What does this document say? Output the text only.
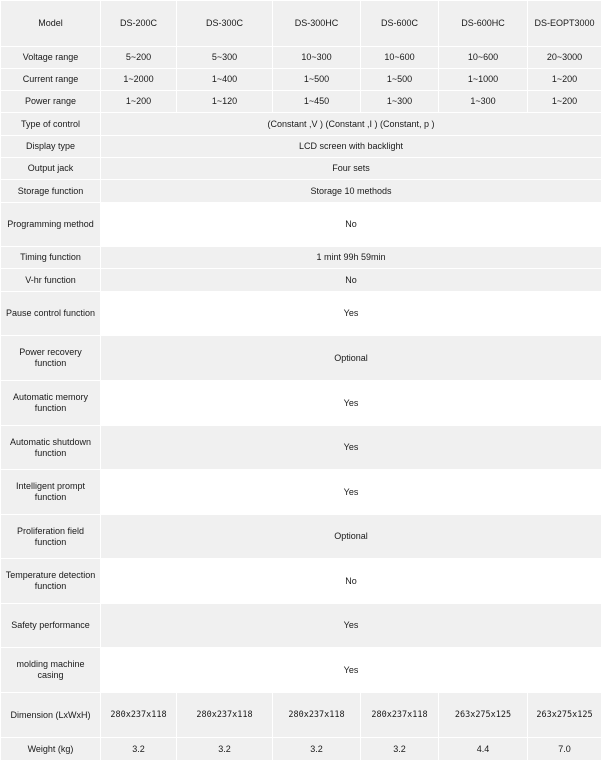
Model	DS-200C	DS-300C	DS-300HC	DS-600C	DS-600HC	DS-EOPT3000
Voltage range	5~200	5~300	10~300	10~600	10~600	20~3000
Current range	1~2000	1~400	1~500	1~500	1~1000	1~200
Power range	1~200	1~120	1~450	1~300	1~300	1~200
Type of control	(Constant ,V ) (Constant ,I ) (Constant, p )					
Display type	LCD screen with backlight					
Output jack	Four sets					
Storage function	Storage 10 methods					
Programming method	No					
Timing function	1 mint 99h 59min					
V-hr function	No					
Pause control function	Yes					
Power recovery function	Optional					
Automatic memory function	Yes					
Automatic shutdown function	Yes					
Intelligent prompt function	Yes					
Proliferation field function	Optional					
Temperature detection function	No					
Safety performance	Yes					
molding machine casing	Yes					
Dimension (LxWxH)	280x237x118	280x237x118	280x237x118	280x237x118	263x275x125	263x275x125
Weight (kg)	3.2	3.2	3.2	3.2	4.4	7.0
